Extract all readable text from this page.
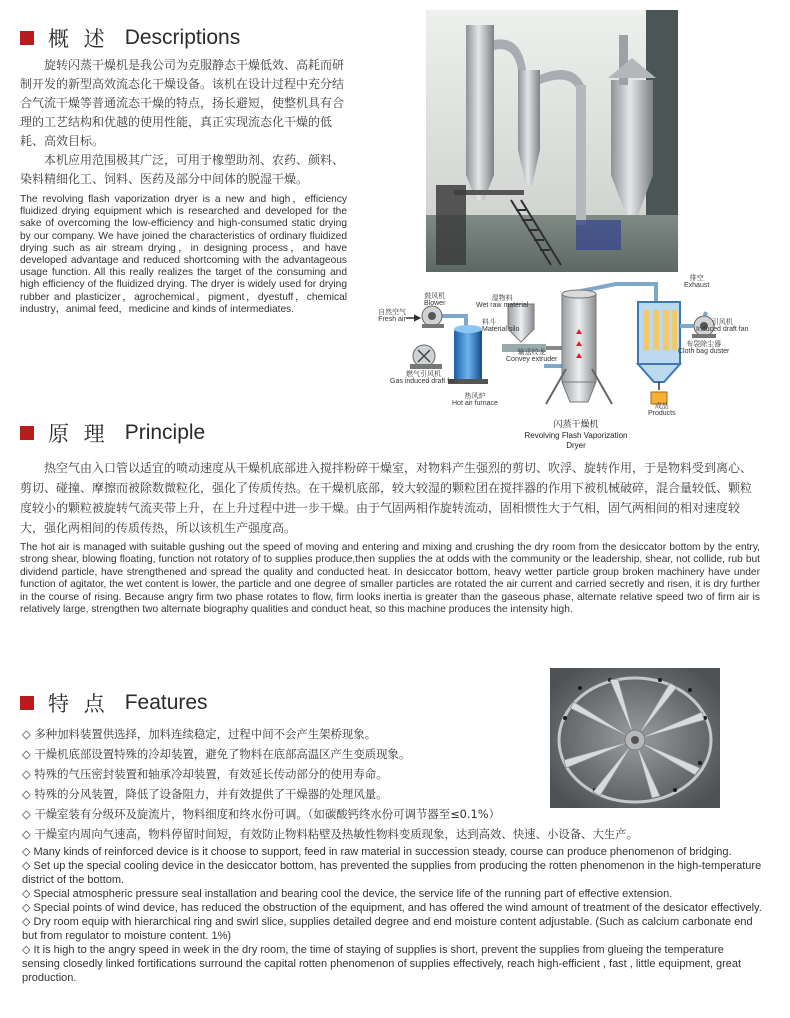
概 述 Descriptions

旋转闪蒸干燥机是我公司为克服静态干燥低效、高耗而研制开发的新型高效流态化干燥设备。该机在设计过程中充分结合气流干燥等普通流态干燥的特点，扬长避短，使整机具有合理的工艺结构和优越的使用性能，真正实现流态化干燥的低耗、高效目标。

本机应用范围极其广泛，可用于橡塑助剂、农药、颜料、染料精细化工、饲料、医药及部分中间体的脱湿干燥。

The revolving flash vaporization dryer is a new and high，efficiency fluidized drying equipment which is researched and developed for the sake of overcoming the low-efficiency and high-consumed static drying by our company. We have joined the characteristics of ordinary fluidized drying such as air stream drying，in designing process，and have developed advantage and reduced shortcoming with the advantageous usage function. All this really realizes the target of the consuming and high efficiency of the fluidized drying. The dryer is widely used for drying rubber and plasticizer，agrochemical，pigment，dyestuff，chemical industry，animal feed，medicine and kinds of intermediates.

排空
Exhaust
鼓风机
Blower
湿物料
Wet raw material
自然空气
Fresh air	料斗
Material silo
引风机
Induced draft fan
布袋除尘器
Cloth bag duster
输送绞龙
Convey extruder
燃气引风机
Gas induced draft fan
热风炉
Hot air furnace	成品
Products
闪蒸干燥机
Revolving Flash Vaporization Dryer
原 理 Principle

热空气由入口管以适宜的喷动速度从干燥机底部进入搅拌粉碎干燥室，对物料产生强烈的剪切、吹浮、旋转作用，于是物料受到离心、剪切、碰撞、摩擦而被除数微粒化，强化了传质传热。在干燥机底部，较大较湿的颗粒团在搅拌器的作用下被机械破碎，混合量较低、颗粒度较小的颗粒被旋转气流夹带上升，在上升过程中进一步干燥。由于气固两相作旋转流动，固相惯性大于气相，固气两相间的相对速度较大，强化两相间的传质传热，所以该机生产强度高。

The hot air is managed with suitable gushing out the speed of moving and entering and mixing and crushing the dry room from the desiccator bottom by the entry, strong shear, blowing floating, function not rotatory of to supplies produce,then supplies the at odds with the community or the leadership, shear, not collide, rub but dividend particle, have strengthened and spread the quality and conducted heat. In desiccator bottom, heavy wetter particle group broken machinery have under function of agitator, the wet content is lower, the particle and one degree of smaller particles are rotated the air current and carried secretly and risen, it is dry further in the course of rising. Because angry firm two phase rotates to flow, firm looks inertia is greater than the gaseous phase, alternate relative speed two of firm air is relatively large, strengthen two alternate biography qualities and conduct heat, so this machine produces the intensity high.

特 点 Features
◇ 多种加料装置供选择，加料连续稳定，过程中间不会产生架桥现象。
◇ 干燥机底部设置特殊的冷却装置，避免了物料在底部高温区产生变质现象。
◇ 特殊的气压密封装置和轴承冷却装置，有效延长传动部分的使用寿命。
◇ 特殊的分风装置，降低了设备阻力，并有效提供了干燥器的处理风量。
◇ 干燥室装有分级环及旋流片，物料细度和终水份可调。（如碳酸钙终水份可调节器至≤0.1%）
◇ 干燥室内周向气速高，物料停留时间短，有效防止物料粘壁及热敏性物料变质现象，达到高效、快速、小设备、大生产。

◇ Many kinds of reinforced device is it choose to support, feed in raw material in succession steady, course can produce phenomenon of bridging.

◇ Set up the special cooling device in the desiccator bottom, has prevented the supplies from producing the rotten phenomenon in the high-temperature district of the bottom.

◇ Special atmospheric pressure seal installation and bearing cool the device, the service life of the running part of effective extension.

◇ Special points of wind device, has reduced the obstruction of the equipment, and has offered the wind amount of treatment of the desicator effectively.

◇ Dry room equip with hierarchical ring and swirl slice, supplies detailed degree and end moisture content adjustable. (Such as calcium carbonate end but from regulator to moisture content. 1%)

◇ It is high to the angry speed in week in the dry room, the time of staying of supplies is short, prevent the supplies from glueing the temperature sensing closedly linked fortifications surround the capital rotten phenomenon of supplies effectively, reach high-efficient , fast , little equipment, great production.
